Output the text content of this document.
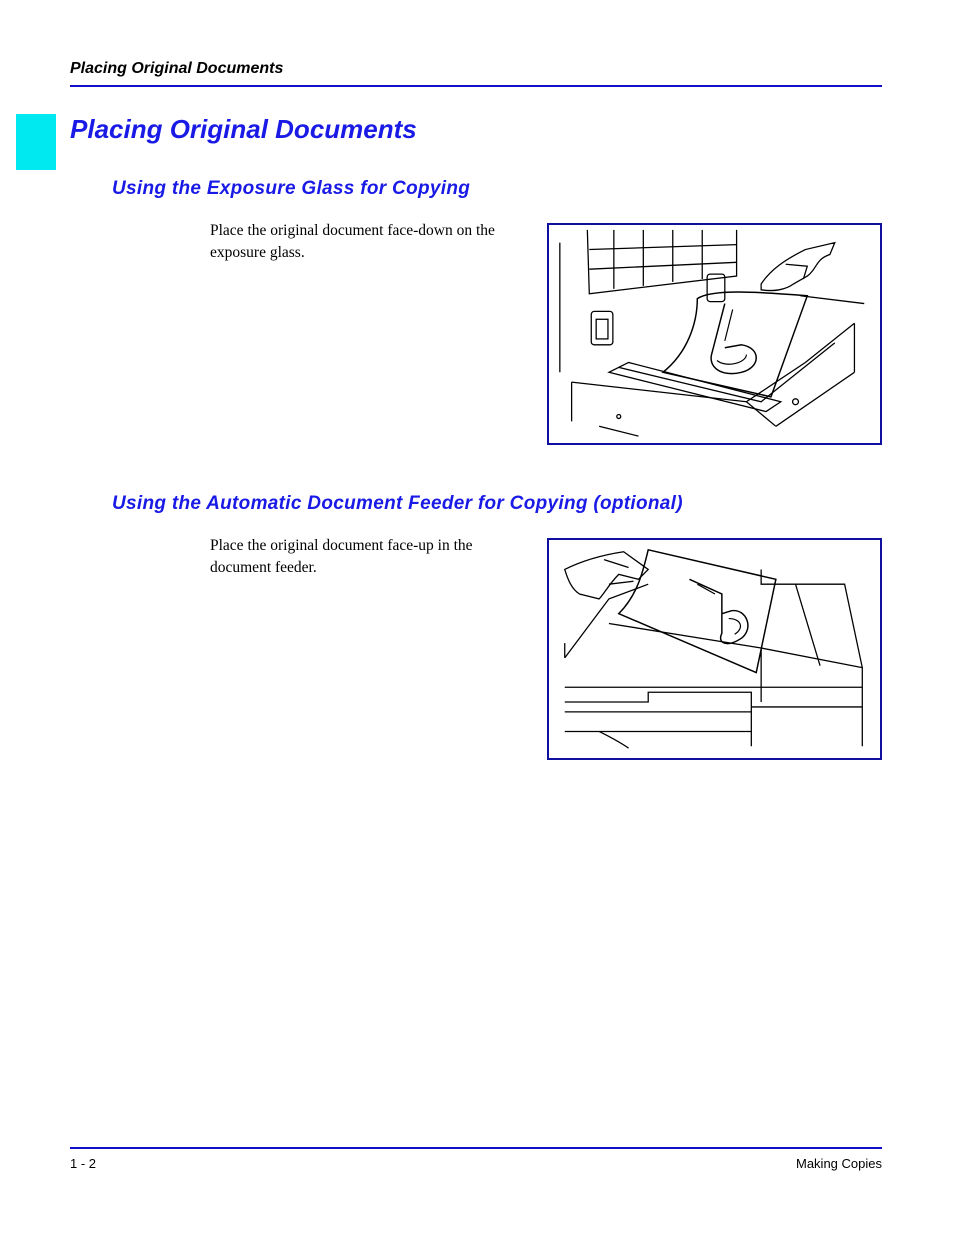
Placing Original Documents
Placing Original Documents
Using the Exposure Glass for Copying

Place the original document face-down on the exposure glass.

Using the Automatic Document Feeder for Copying (optional)

Place the original document face-up in the document feeder.

1 - 2	Making Copies
